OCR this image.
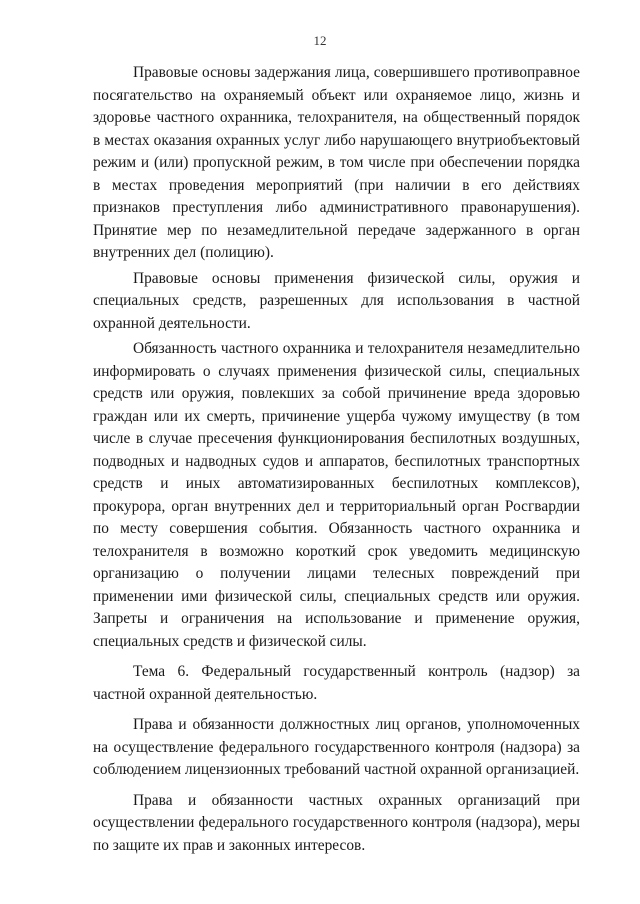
12

Правовые основы задержания лица, совершившего противоправное посягательство на охраняемый объект или охраняемое лицо, жизнь и здоровье частного охранника, телохранителя, на общественный порядок в местах оказания охранных услуг либо нарушающего внутриобъектовый режим и (или) пропускной режим, в том числе при обеспечении порядка в местах проведения мероприятий (при наличии в его действиях признаков преступления либо административного правонарушения). Принятие мер по незамедлительной передаче задержанного в орган внутренних дел (полицию).

Правовые основы применения физической силы, оружия и специальных средств, разрешенных для использования в частной охранной деятельности.

Обязанность частного охранника и телохранителя незамедлительно информировать о случаях применения физической силы, специальных средств или оружия, повлекших за собой причинение вреда здоровью граждан или их смерть, причинение ущерба чужому имуществу (в том числе в случае пресечения функционирования беспилотных воздушных, подводных и надводных судов и аппаратов, беспилотных транспортных средств и иных автоматизированных беспилотных комплексов), прокурора, орган внутренних дел и территориальный орган Росгвардии по месту совершения события. Обязанность частного охранника и телохранителя в возможно короткий срок уведомить медицинскую организацию о получении лицами телесных повреждений при применении ими физической силы, специальных средств или оружия. Запреты и ограничения на использование и применение оружия, специальных средств и физической силы.

Тема 6. Федеральный государственный контроль (надзор) за частной охранной деятельностью.

Права и обязанности должностных лиц органов, уполномоченных на осуществление федерального государственного контроля (надзора) за соблюдением лицензионных требований частной охранной организацией.

Права и обязанности частных охранных организаций при осуществлении федерального государственного контроля (надзора), меры по защите их прав и законных интересов.
